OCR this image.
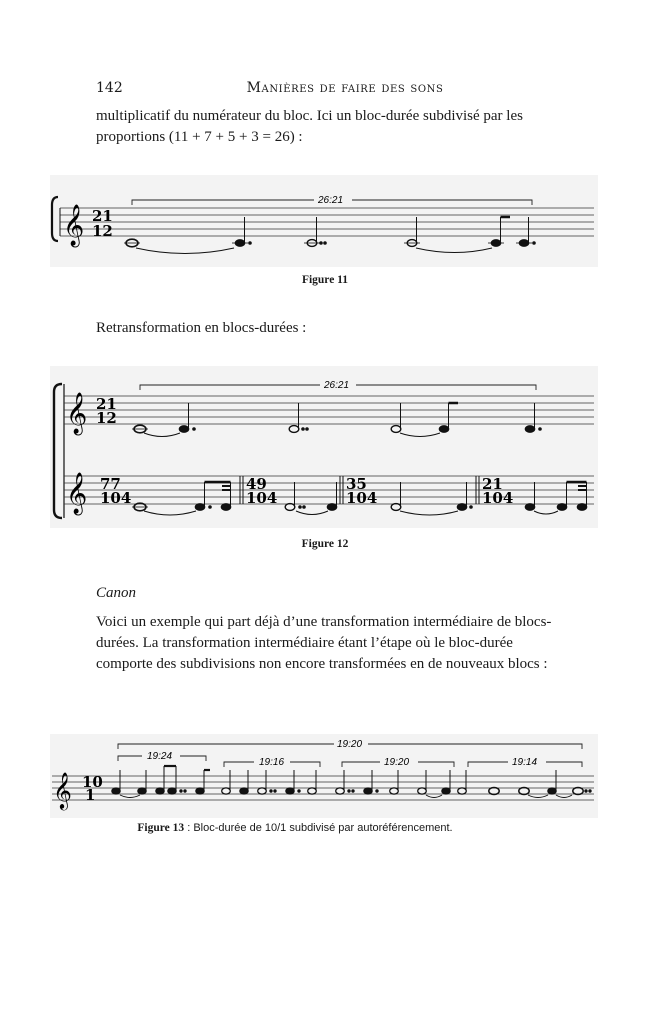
142	Manières de faire des sons

multiplicatif du numérateur du bloc. Ici un bloc-durée subdivisé par les proportions (11 + 7 + 5 + 3 = 26) :

𝄞 21
12
26:21
Figure 11

Retransformation en blocs-durées :

𝄞 21
12
26:21
𝄞 77
104
49
104
35
104
21
104
Figure 12
Canon

Voici un exemple qui part déjà d’une transformation intermédiaire de blocs-durées. La transformation intermédiaire étant l’étape où le bloc-durée comporte des subdivisions non encore transformées en de nouveaux blocs :

𝄞 10
1
19:20
19:24
19:16	19:20	19:14
Figure 13 : Bloc-durée de 10/1 subdivisé par autoréférencement.
